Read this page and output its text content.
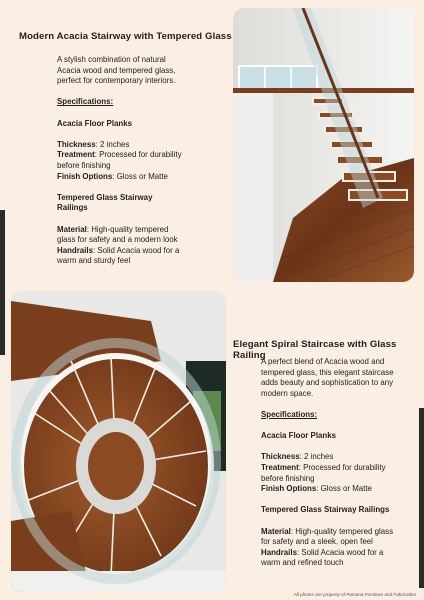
Modern Acacia Stairway with Tempered Glass

A stylish combination of natural Acacia wood and tempered glass, perfect for contemporary interiors.

Specifications:

Acacia Floor Planks

Thickness: 2 inches

Treatment: Processed for durability before finishing

Finish Options: Gloss or Matte

Tempered Glass Stairway Railings

Material: High-quality tempered glass for safety and a modern look

Handrails: Solid Acacia wood for a warm and sturdy feel

Elegant Spiral Staircase with Glass Railing

A perfect blend of Acacia wood and tempered glass, this elegant staircase adds beauty and sophistication to any modern space.

Specifications:

Acacia Floor Planks

Thickness: 2 inches

Treatment: Processed for durability before finishing

Finish Options: Gloss or Matte

Tempered Glass Stairway Railings

Material: High-quality tempered glass for safety and a sleek, open feel

Handrails: Solid Acacia wood for a warm and refined touch

All photos are property of Pamana Furniture and Fabrication
